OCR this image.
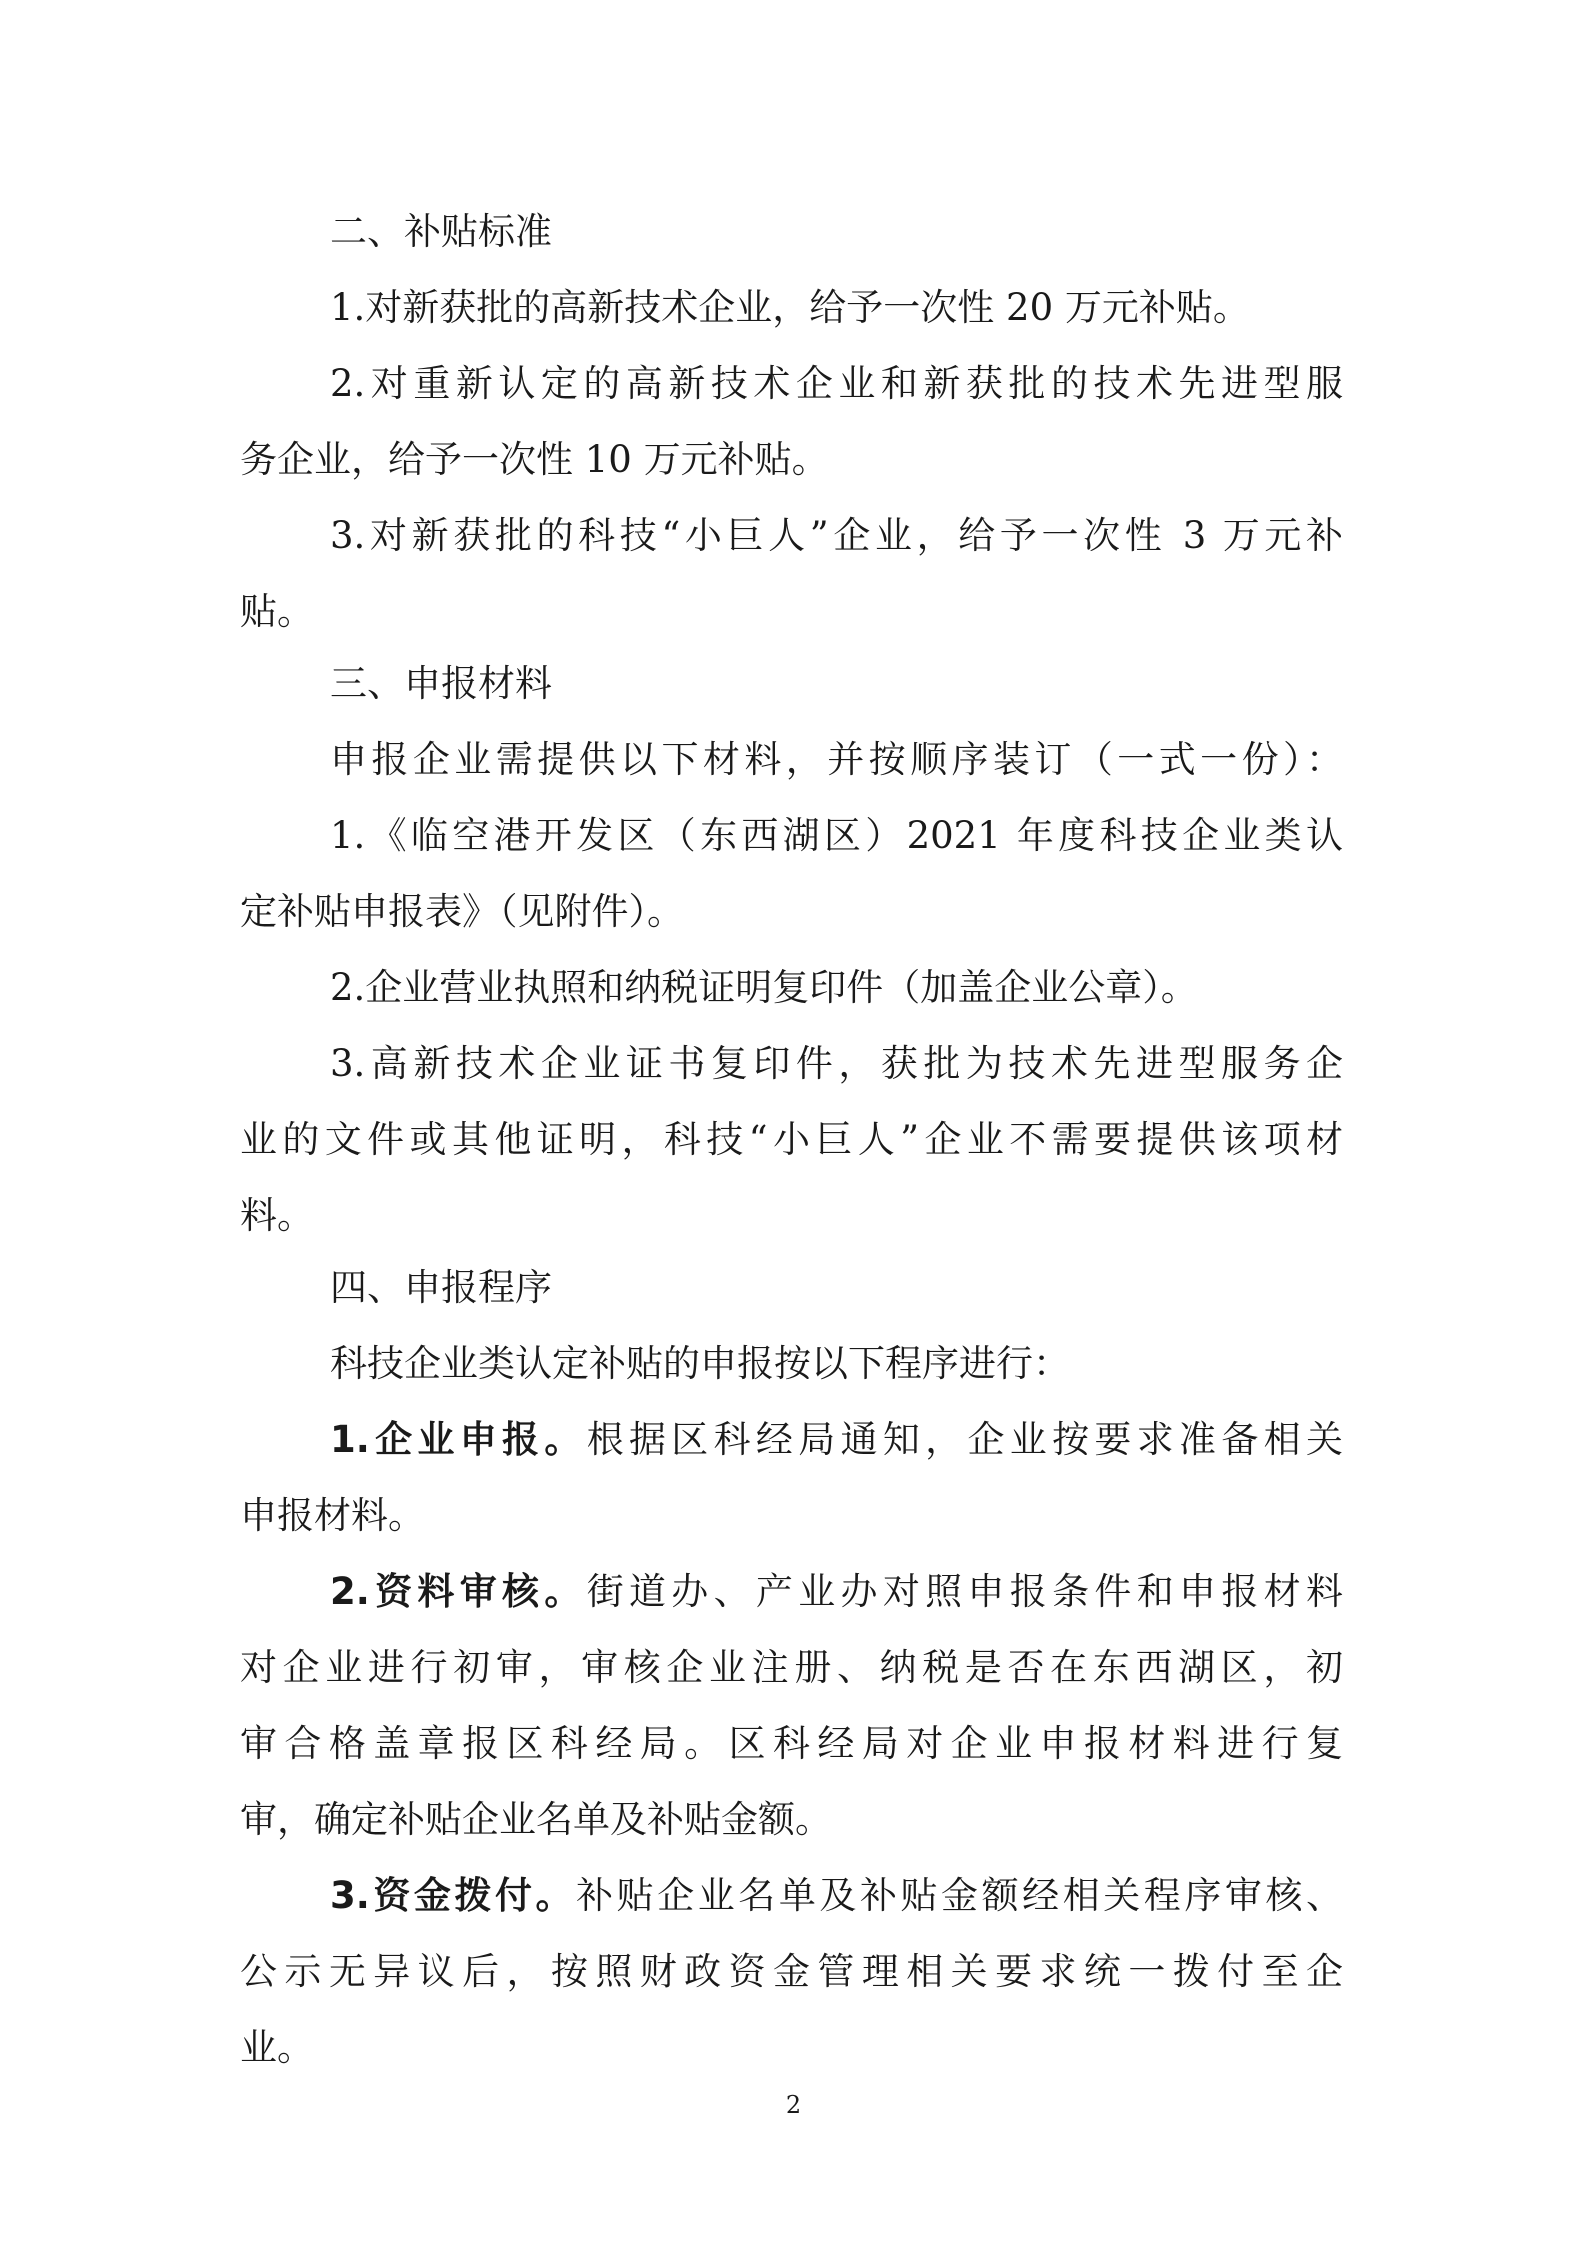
二、补贴标准
1.对新获批的高新技术企业，给予一次性 20 万元补贴。
2.对重新认定的高新技术企业和新获批的技术先进型服
务企业，给予一次性 10 万元补贴。
3.对新获批的科技“小巨人”企业，给予一次性 3 万元补
贴。
三、申报材料
申报企业需提供以下材料，并按顺序装订（一式一份）：
1.《临空港开发区（东西湖区）2021 年度科技企业类认
定补贴申报表》（见附件）。
2.企业营业执照和纳税证明复印件（加盖企业公章）。
3.高新技术企业证书复印件，获批为技术先进型服务企
业的文件或其他证明，科技“小巨人”企业不需要提供该项材
料。
四、申报程序
科技企业类认定补贴的申报按以下程序进行：
1.企业申报。根据区科经局通知，企业按要求准备相关
申报材料。
2.资料审核。街道办、产业办对照申报条件和申报材料
对企业进行初审，审核企业注册、纳税是否在东西湖区，初
审合格盖章报区科经局。区科经局对企业申报材料进行复
审，确定补贴企业名单及补贴金额。
3.资金拨付。补贴企业名单及补贴金额经相关程序审核、
公示无异议后，按照财政资金管理相关要求统一拨付至企
业。
2
